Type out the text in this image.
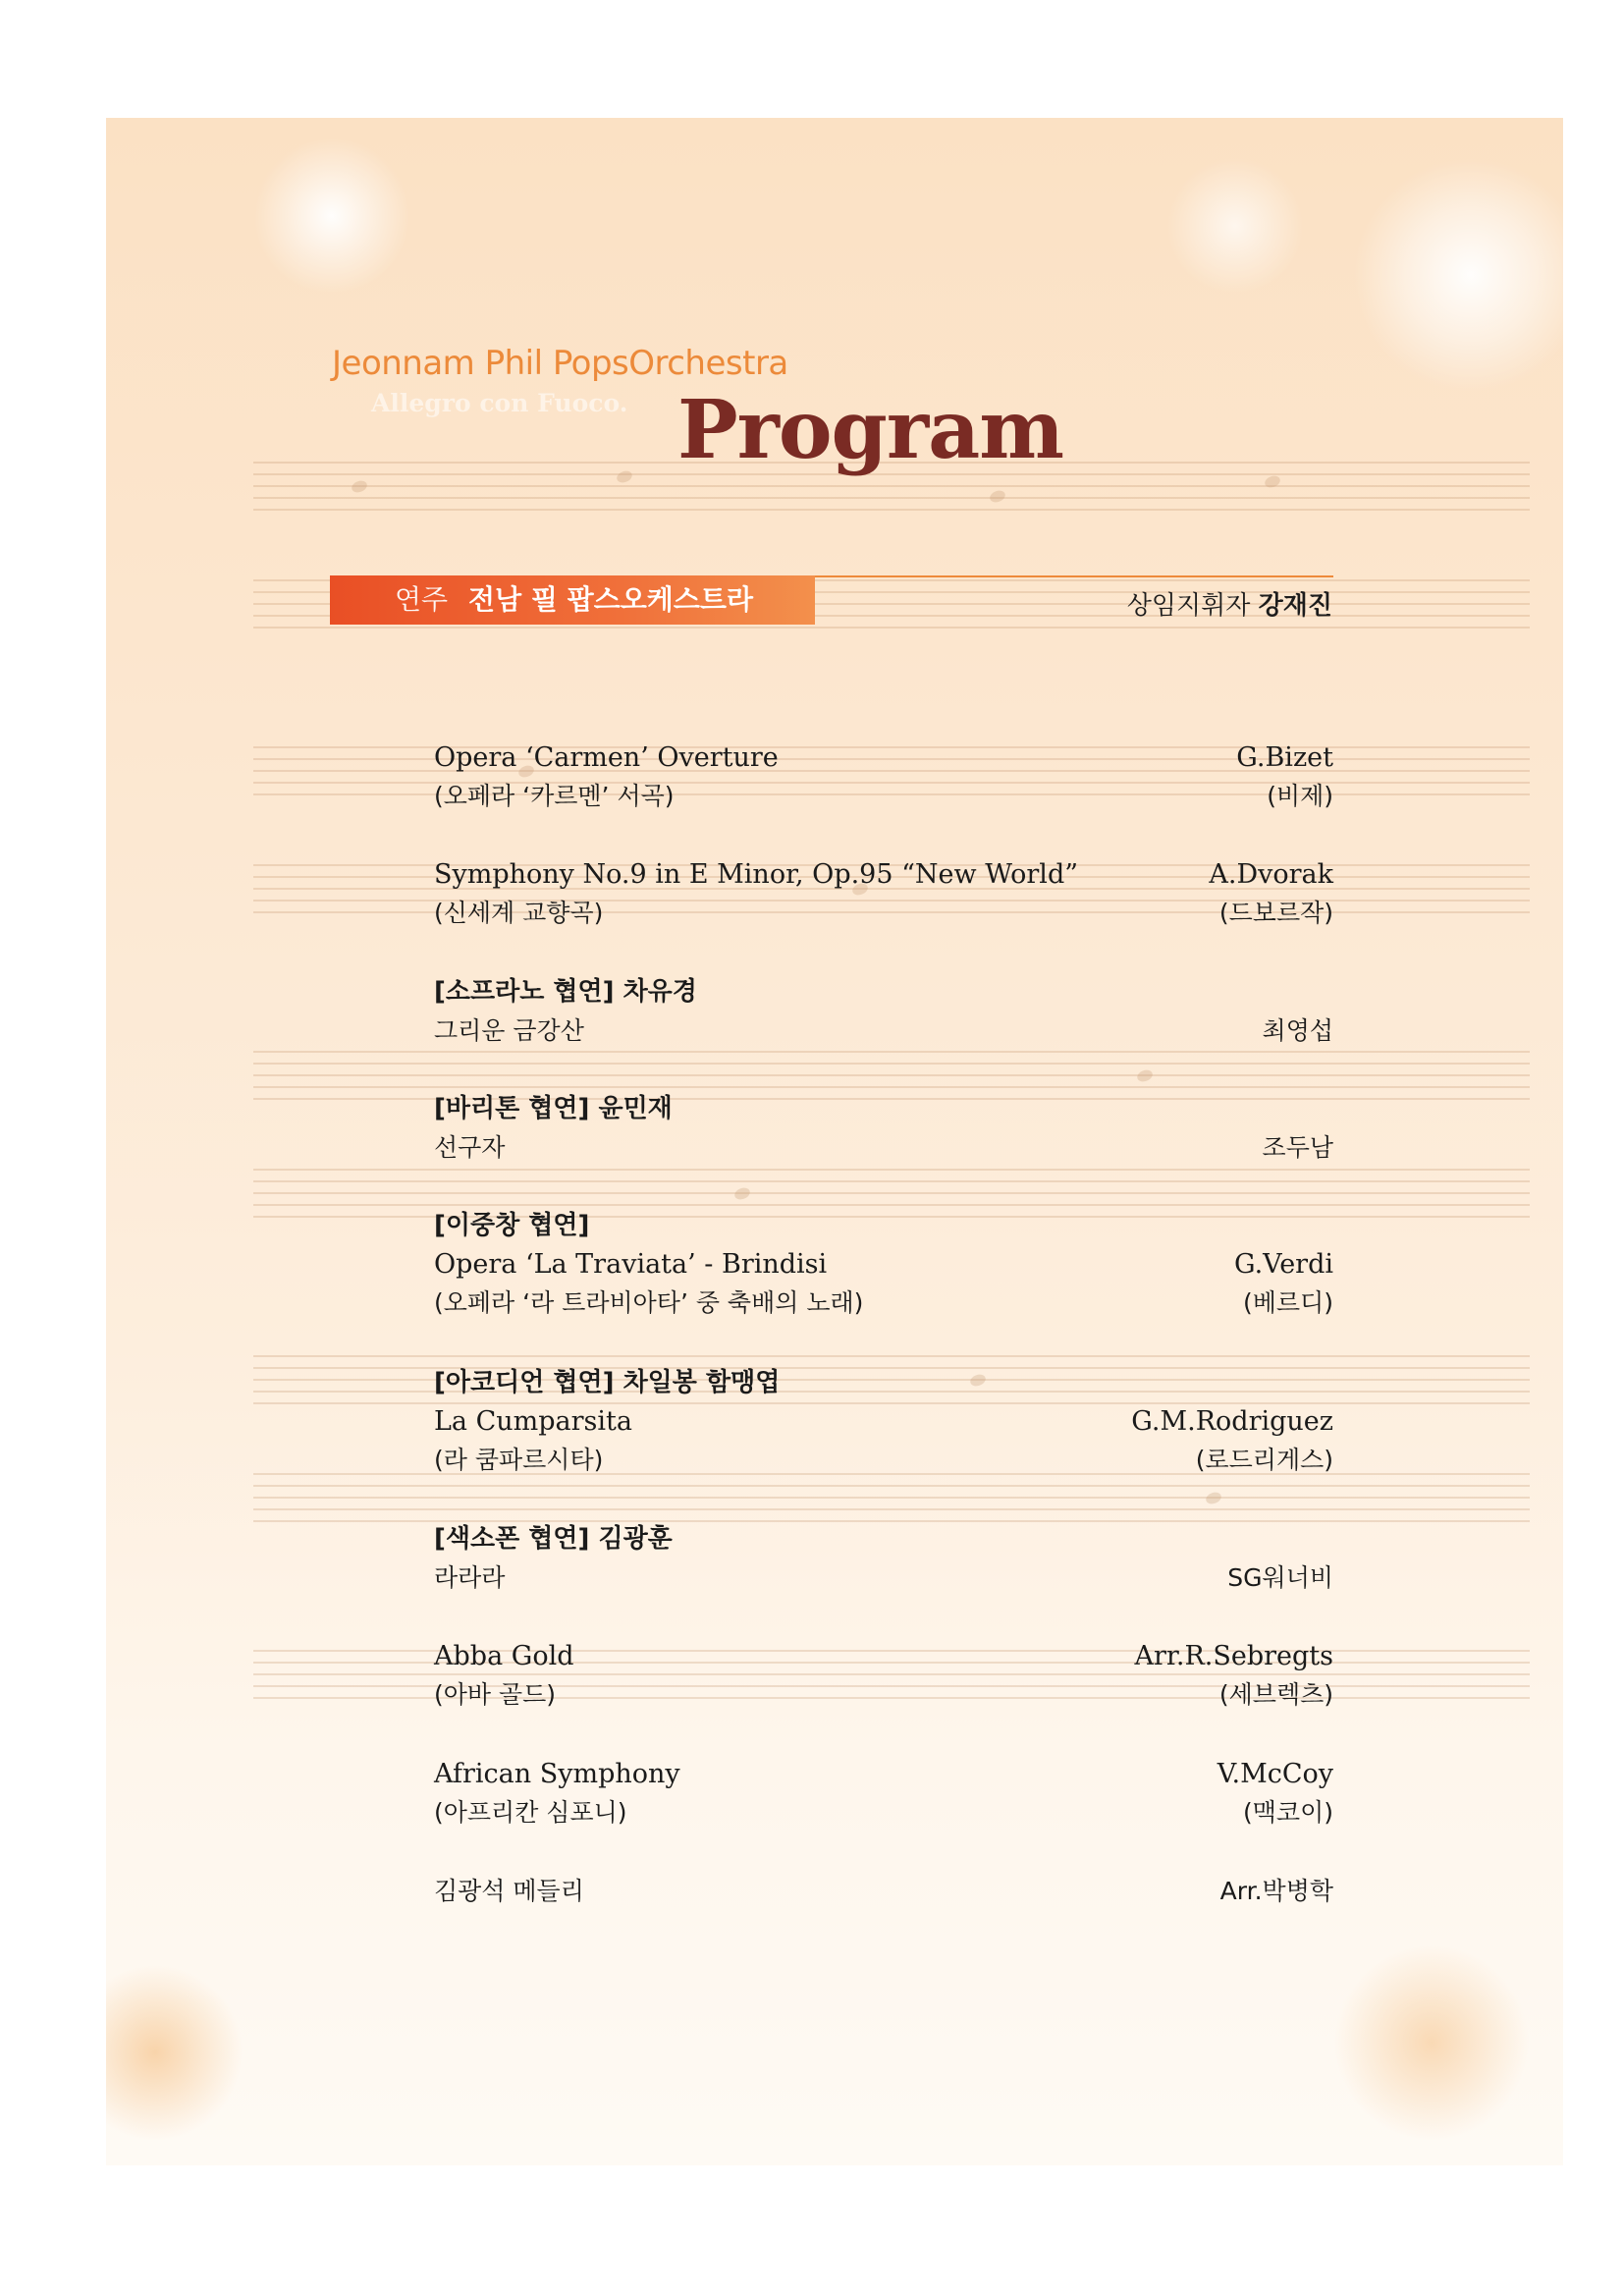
Jeonnam Phil PopsOrchestra

Allegro con Fuoco. Program
연주 전남 필 팝스오케스트라	상임지휘자 강재진
Opera ‘Carmen’ Overture	G.Bizet
(오페라 ‘카르멘’ 서곡)	(비제)
Symphony No.9 in E Minor, Op.95 “New World”	A.Dvorak
(신세계 교향곡)	(드보르작)
[소프라노 협연] 차유경
그리운 금강산	최영섭
[바리톤 협연] 윤민재
선구자	조두남
[이중창 협연]
Opera ‘La Traviata’ - Brindisi	G.Verdi
(오페라 ‘라 트라비아타’ 중 축배의 노래)	(베르디)
[아코디언 협연] 차일봉 함맹엽
La Cumparsita	G.M.Rodriguez
(라 쿰파르시타)	(로드리게스)
[색소폰 협연] 김광훈
라라라	SG워너비
Abba Gold	Arr.R.Sebregts
(아바 골드)	(세브렉츠)
African Symphony	V.McCoy
(아프리칸 심포니)	(맥코이)
김광석 메들리	Arr.박병학
